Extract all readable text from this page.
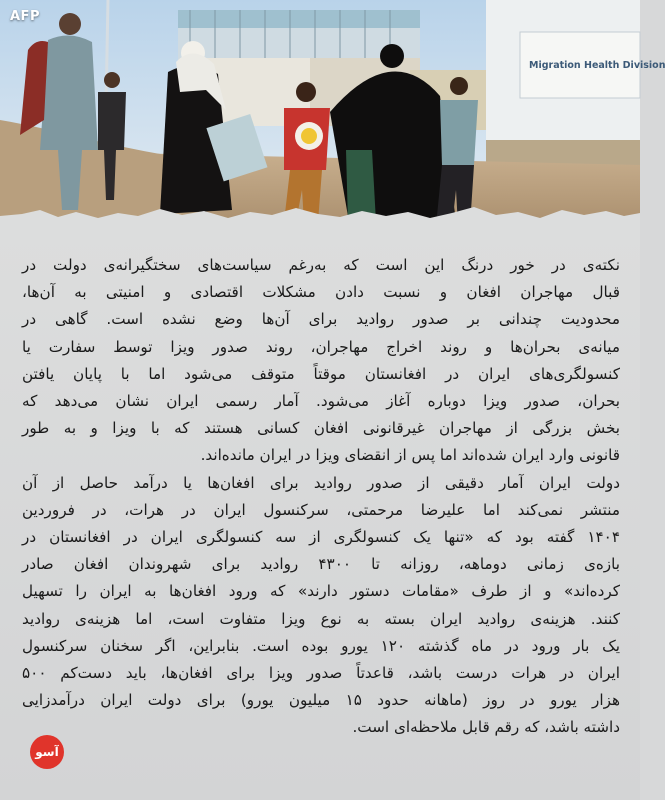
AFP
Migration Health Division

نکته‌ی در خور درنگ این است که به‌رغم سیاست‌های سختگیرانه‌ی دولت در
قبال مهاجران افغان و نسبت دادن مشکلات اقتصادی و امنیتی به آن‌ها،
محدودیت چندانی بر صدور روادید برای آن‌ها وضع نشده است. گاهی در
میانه‌ی بحران‌ها و روند اخراج مهاجران، روند صدور ویزا توسط سفارت یا
کنسولگری‌های ایران در افغانستان موقتاً متوقف می‌شود اما با پایان یافتن
بحران، صدور ویزا دوباره آغاز می‌شود. آمار رسمی ایران نشان می‌دهد که
بخش بزرگی از مهاجران غیرقانونی افغان کسانی هستند که با ویزا و به طور
قانونی وارد ایران شده‌اند اما پس از انقضای ویزا در ایران مانده‌اند.

دولت ایران آمار دقیقی از صدور روادید برای افغان‌ها یا درآمد حاصل از آن
منتشر نمی‌کند اما علیرضا مرحمتی، سرکنسول ایران در هرات، در فروردین
۱۴۰۴ گفته بود که «تنها یک کنسولگری از سه کنسولگری ایران در افغانستان در
بازه‌ی زمانی دوماهه، روزانه تا ۴۳۰۰ روادید برای شهروندان افغان صادر
کرده‌اند» و از طرف «مقامات دستور دارند» که ورود افغان‌ها به ایران را تسهیل
کنند. هزینه‌ی روادید ایران بسته به نوع ویزا متفاوت است، اما هزینه‌ی روادید
یک بار ورود در ماه گذشته ۱۲۰ یورو بوده است. بنابراین، اگر سخنان سرکنسول
ایران در هرات درست باشد، قاعدتاً صدور ویزا برای افغان‌ها، باید دست‌کم ۵۰۰
هزار یورو در روز (ماهانه حدود ۱۵ میلیون یورو) برای دولت ایران درآمدزایی
داشته باشد، که رقم قابل ملاحظه‌ای است.

آسو
